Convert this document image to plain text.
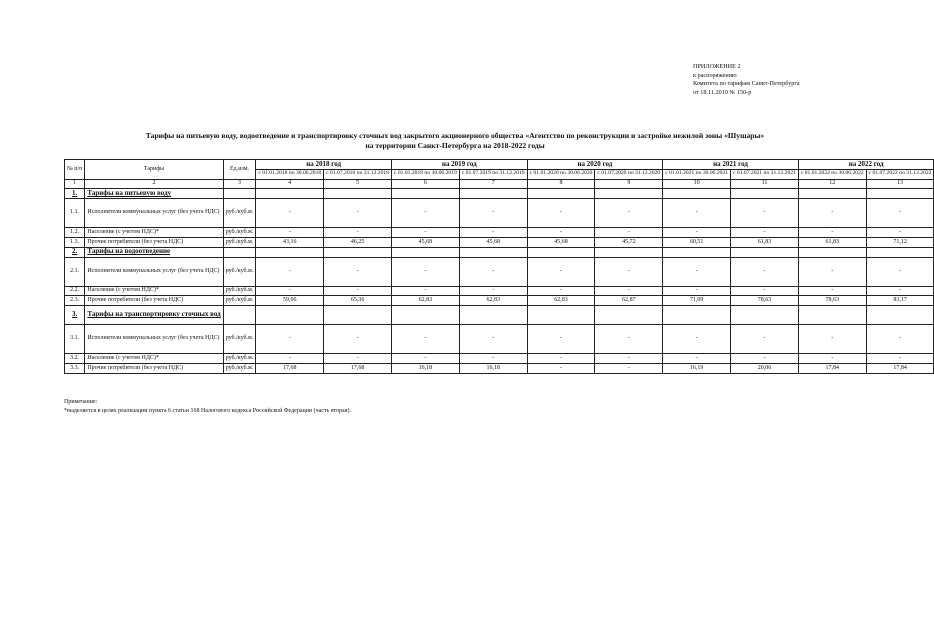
ПРИЛОЖЕНИЕ 2
к распоряжению
Комитета по тарифам Санкт-Петербурга
от 18.11.2019 № 150-р
Тарифы на питьевую воду, водоотведение и транспортировку сточных вод закрытого акционерного общества «Агентство по реконструкции и застройке нежилой зоны «Шушары»
на территории Санкт-Петербурга на 2018-2022 годы
№ п/п	Тарифы	Ед.изм.	на 2018 год		на 2019 год		на 2020 год		на 2021 год		на 2022 год	
			с 01.01.2018 по 30.06.2018	с 01.07.2018 по 31.12.2018	с 01.01.2019 по 30.06.2019	с 01.07.2019 по 31.12.2019	с 01.01.2020 по 30.06.2020	с 01.07.2020 по 31.12.2020	с 01.01.2021 по 30.06.2021	с 01.07.2021 по 31.12.2021	с 01.01.2022 по 30.06.2022	с 01.07.2022 по 31.12.2022
1	2	3	4	5	6	7	8	9	10	11	12	13
1.	Тарифы на питьевую воду											
1.1.	Исполнители коммунальных услуг (без учета НДС)	руб./куб.м.	-	-	-	-	-	-	-	-	-	-
1.2.	Население (с учетом НДС)*	руб./куб.м.	-	-	-	-	-	-	-	-	-	-
1.3.	Прочие потребители (без учета НДС)	руб./куб.м.	43,16	46,25	45,68	45,68	45,68	45,72	60,51	61,83	61,83	71,12
2.	Тарифы на водоотведение											
2.1.	Исполнители коммунальных услуг (без учета НДС)	руб./куб.м.	-	-	-	-	-	-	-	-	-	-
2.2.	Население (с учетом НДС)*	руб./куб.м.	-	-	-	-	-	-	-	-	-	-
2.3.	Прочие потребители (без учета НДС)	руб./куб.м.	59,06	65,36	62,83	62,83	62,83	62,87	71,09	78,63	78,63	83,17
3.	Тарифы на транспортировку сточных вод											
3.1.	Исполнители коммунальных услуг (без учета НДС)	руб./куб.м.	-	-	-	-	-	-	-	-	-	-
3.2.	Население (с учетом НДС)*	руб./куб.м.	-	-	-	-	-	-	-	-	-	-
3.3.	Прочие потребители (без учета НДС)	руб./куб.м.	17,68	17,68	16,18	16,18	-	-	16,19	20,06	17,84	17,84
Примечание:
*выделяется в целях реализации пункта 6 статьи 168 Налогового кодекса Российской Федерации (часть вторая).
